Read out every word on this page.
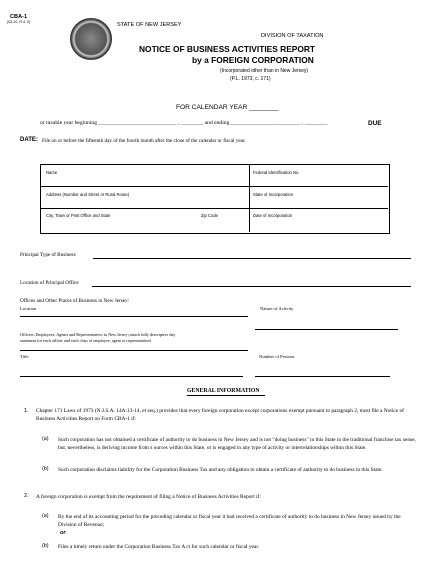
CBA-1
(03-10. R-4. 0)	STATE OF NEW JERSEY
DIVISION OF TAXATION
NOTICE OF BUSINESS ACTIVITIES REPORT
by a FOREIGN CORPORATION
(Incorporated other than in New Jersey)
(P.L. 1973, c. 171)
FOR CALENDAR YEAR ________
or taxable year beginning ____________________________ , ________ and ending _________________________ , ________	DUE
DATE: File on or before the fifteenth day of the fourth month after the close of the calendar or fiscal year.
Name	Federal Identification No.
Address (Number and Street or Rural Route)	State of Incorporation
City, Town or Post Office and State	Zip Code	Date of Incorporation
Principal Type of Business
Location of Principal Office
Offices and Other Places of Business in New Jersey:
Location	Nature of Activity
Officers, Employees, Agents and Representatives in New Jersey (attach fully descriptive day
statement for each officer and each class of employee, agent or representative)
Title	Number of Persons
GENERAL INFORMATION
1. Chapter 171 Laws of 1973 (N.J.S.A. 14A:13-14, et seq.) provides that every foreign corporation except corporations exempt pursuant to paragraph 2, must file a Notice of Business Activities Report on Form CBA-1 if:
(a) Such corporation has not obtained a certificate of authority to do business in New Jersey and is not "doing business" in this State in the traditional franchise tax sense, but, nevertheless, is deriving income from s ources within this State, or is engaged in any type of activity or interrelationships within this State.
(b) Such corporation disclaims liability for the Corporation Business Tax and any obligation to obtain a certificate of authority to do business in this State.
2. A foreign corporation is exempt from the requirement of filing a Notice of Business Activities Report if:
(a) By the end of its accounting period for the preceding calendar or fiscal year it had received a certificate of authority to do business in New Jersey issued by the Division of Revenue;
or
(b) Files a timely return under the Corporation Business Tax A ct for such calendar or fiscal year.
